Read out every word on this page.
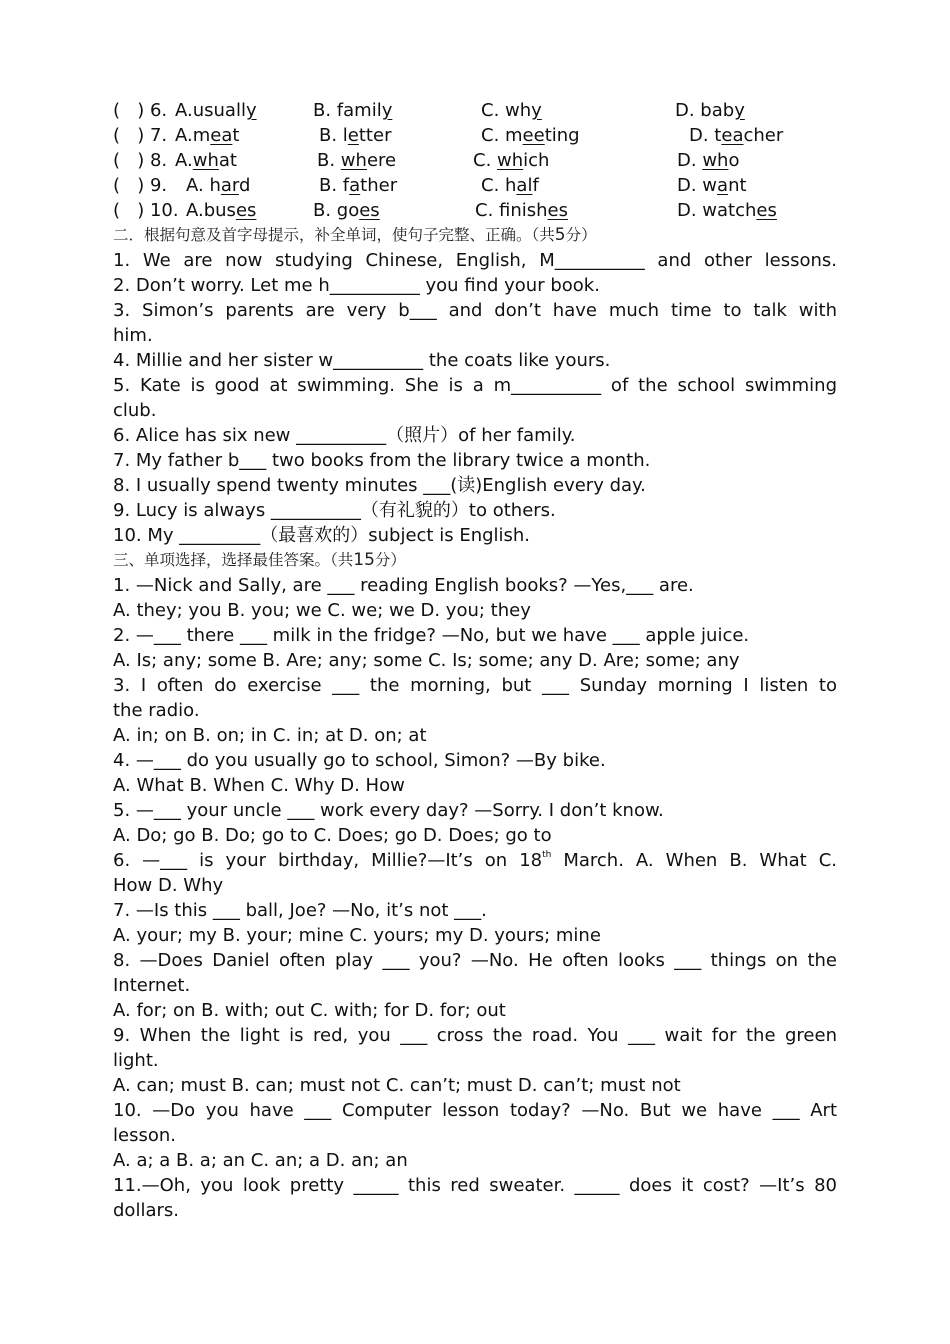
( ) 6. A.usually	B. family	C. why	D. baby
( ) 7. A.meat	B. letter	C. meeting	D. teacher
( ) 8. A.what	B. where	C. which	D. who
( ) 9. A. hard	B. father	C. half	D. want
( ) 10. A.buses	B. goes	C. finishes	D. watches
二．根据句意及首字母提示，补全单词，使句子完整、正确。（共5分）
1. We are now studying Chinese, English, M__________ and other lessons.
2. Don’t worry. Let me h__________ you find your book.
3. Simon’s parents are very b___ and don’t have much time to talk with
him.
4. Millie and her sister w__________ the coats like yours.
5. Kate is good at swimming. She is a m__________ of the school swimming
club.
6. Alice has six new __________（照片）of her family.
7. My father b___ two books from the library twice a month.
8. I usually spend twenty minutes ___(读)English every day.
9. Lucy is always __________（有礼貌的）to others.
10. My _________（最喜欢的）subject is English.
三、单项选择，选择最佳答案。（共15分）
1. —Nick and Sally, are ___ reading English books? —Yes,___ are.
A. they; you B. you; we C. we; we D. you; they
2. —___ there ___ milk in the fridge? —No, but we have ___ apple juice.
A. Is; any; some B. Are; any; some C. Is; some; any D. Are; some; any
3. I often do exercise ___ the morning, but ___ Sunday morning I listen to
the radio.
A. in; on B. on; in C. in; at D. on; at
4. —___ do you usually go to school, Simon? —By bike.
A. What B. When C. Why D. How
5. —___ your uncle ___ work every day? —Sorry. I don’t know.
A. Do; go B. Do; go to C. Does; go D. Does; go to
6. —___ is your birthday, Millie?—It’s on 18th March. A. When B. What C.
How D. Why
7. —Is this ___ ball, Joe? —No, it’s not ___.
A. your; my B. your; mine C. yours; my D. yours; mine
8. —Does Daniel often play ___ you? —No. He often looks ___ things on the
Internet.
A. for; on B. with; out C. with; for D. for; out
9. When the light is red, you ___ cross the road. You ___ wait for the green
light.
A. can; must B. can; must not C. can’t; must D. can’t; must not
10. —Do you have ___ Computer lesson today? —No. But we have ___ Art
lesson.
A. a; a B. a; an C. an; a D. an; an
11.—Oh, you look pretty _____ this red sweater. _____ does it cost? —It’s 80
dollars.
